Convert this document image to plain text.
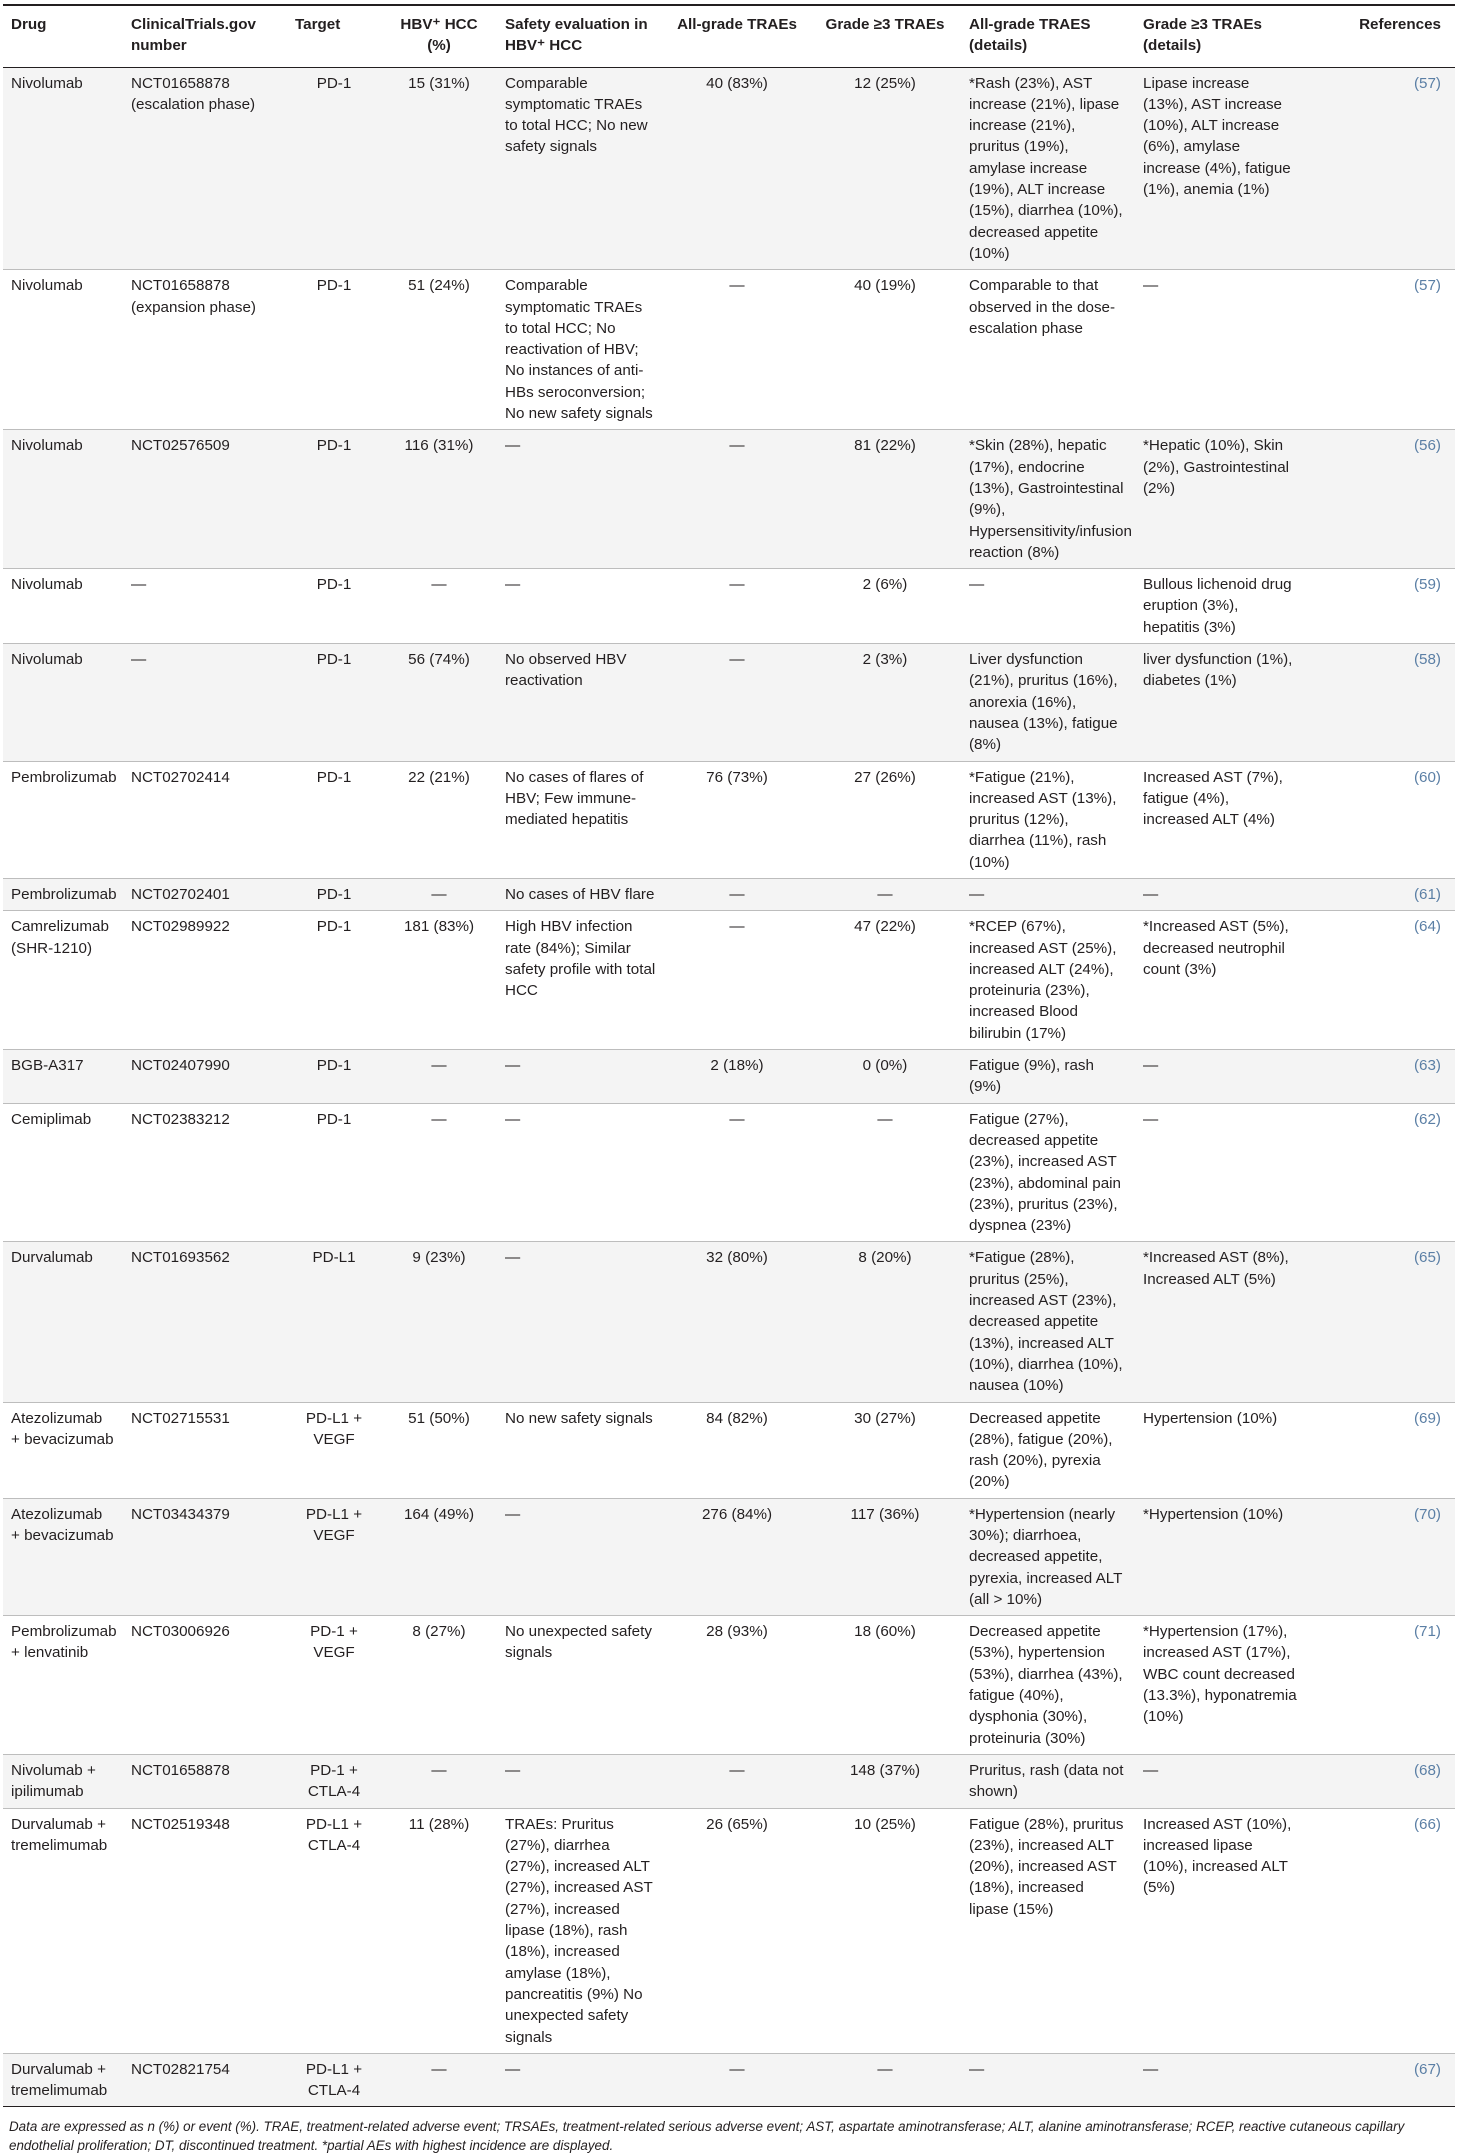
Drug	ClinicalTrials.gov number	Target	HBV⁺ HCC (%)	Safety evaluation in HBV⁺ HCC	All-grade TRAEs	Grade ≥3 TRAEs	All-grade TRAES (details)	Grade ≥3 TRAEs (details)	References
Nivolumab	NCT01658878 (escalation phase)	PD-1	15 (31%)	Comparable symptomatic TRAEs to total HCC; No new safety signals	40 (83%)	12 (25%)	*Rash (23%), AST increase (21%), lipase increase (21%), pruritus (19%), amylase increase (19%), ALT increase (15%), diarrhea (10%), decreased appetite (10%)	Lipase increase (13%), AST increase (10%), ALT increase (6%), amylase increase (4%), fatigue (1%), anemia (1%)	(57)
Nivolumab	NCT01658878 (expansion phase)	PD-1	51 (24%)	Comparable symptomatic TRAEs to total HCC; No reactivation of HBV; No instances of anti-HBs seroconversion; No new safety signals	—	40 (19%)	Comparable to that observed in the dose-escalation phase	—	(57)
Nivolumab	NCT02576509	PD-1	116 (31%)	—	—	81 (22%)	*Skin (28%), hepatic (17%), endocrine (13%), Gastrointestinal (9%), Hypersensitivity/infusion reaction (8%)	*Hepatic (10%), Skin (2%), Gastrointestinal (2%)	(56)
Nivolumab	—	PD-1	—	—	—	2 (6%)	—	Bullous lichenoid drug eruption (3%), hepatitis (3%)	(59)
Nivolumab	—	PD-1	56 (74%)	No observed HBV reactivation	—	2 (3%)	Liver dysfunction (21%), pruritus (16%), anorexia (16%), nausea (13%), fatigue (8%)	liver dysfunction (1%), diabetes (1%)	(58)
Pembrolizumab	NCT02702414	PD-1	22 (21%)	No cases of flares of HBV; Few immune-mediated hepatitis	76 (73%)	27 (26%)	*Fatigue (21%), increased AST (13%), pruritus (12%), diarrhea (11%), rash (10%)	Increased AST (7%), fatigue (4%), increased ALT (4%)	(60)
Pembrolizumab	NCT02702401	PD-1	—	No cases of HBV flare	—	—	—	—	(61)
Camrelizumab (SHR-1210)	NCT02989922	PD-1	181 (83%)	High HBV infection rate (84%); Similar safety profile with total HCC	—	47 (22%)	*RCEP (67%), increased AST (25%), increased ALT (24%), proteinuria (23%), increased Blood bilirubin (17%)	*Increased AST (5%), decreased neutrophil count (3%)	(64)
BGB-A317	NCT02407990	PD-1	—	—	2 (18%)	0 (0%)	Fatigue (9%), rash (9%)	—	(63)
Cemiplimab	NCT02383212	PD-1	—	—	—	—	Fatigue (27%), decreased appetite (23%), increased AST (23%), abdominal pain (23%), pruritus (23%), dyspnea (23%)	—	(62)
Durvalumab	NCT01693562	PD-L1	9 (23%)	—	32 (80%)	8 (20%)	*Fatigue (28%), pruritus (25%), increased AST (23%), decreased appetite (13%), increased ALT (10%), diarrhea (10%), nausea (10%)	*Increased AST (8%), Increased ALT (5%)	(65)
Atezolizumab + bevacizumab	NCT02715531	PD-L1 + VEGF	51 (50%)	No new safety signals	84 (82%)	30 (27%)	Decreased appetite (28%), fatigue (20%), rash (20%), pyrexia (20%)	Hypertension (10%)	(69)
Atezolizumab + bevacizumab	NCT03434379	PD-L1 + VEGF	164 (49%)	—	276 (84%)	117 (36%)	*Hypertension (nearly 30%); diarrhoea, decreased appetite, pyrexia, increased ALT (all > 10%)	*Hypertension (10%)	(70)
Pembrolizumab + lenvatinib	NCT03006926	PD-1 + VEGF	8 (27%)	No unexpected safety signals	28 (93%)	18 (60%)	Decreased appetite (53%), hypertension (53%), diarrhea (43%), fatigue (40%), dysphonia (30%), proteinuria (30%)	*Hypertension (17%), increased AST (17%), WBC count decreased (13.3%), hyponatremia (10%)	(71)
Nivolumab + ipilimumab	NCT01658878	PD-1 + CTLA-4	—	—	—	148 (37%)	Pruritus, rash (data not shown)	—	(68)
Durvalumab + tremelimumab	NCT02519348	PD-L1 + CTLA-4	11 (28%)	TRAEs: Pruritus (27%), diarrhea (27%), increased ALT (27%), increased AST (27%), increased lipase (18%), rash (18%), increased amylase (18%), pancreatitis (9%) No unexpected safety signals	26 (65%)	10 (25%)	Fatigue (28%), pruritus (23%), increased ALT (20%), increased AST (18%), increased lipase (15%)	Increased AST (10%), increased lipase (10%), increased ALT (5%)	(66)
Durvalumab + tremelimumab	NCT02821754	PD-L1 + CTLA-4	—	—	—	—	—	—	(67)
Data are expressed as n (%) or event (%). TRAE, treatment-related adverse event; TRSAEs, treatment-related serious adverse event; AST, aspartate aminotransferase; ALT, alanine aminotransferase; RCEP, reactive cutaneous capillary endothelial proliferation; DT, discontinued treatment. *partial AEs with highest incidence are displayed.
